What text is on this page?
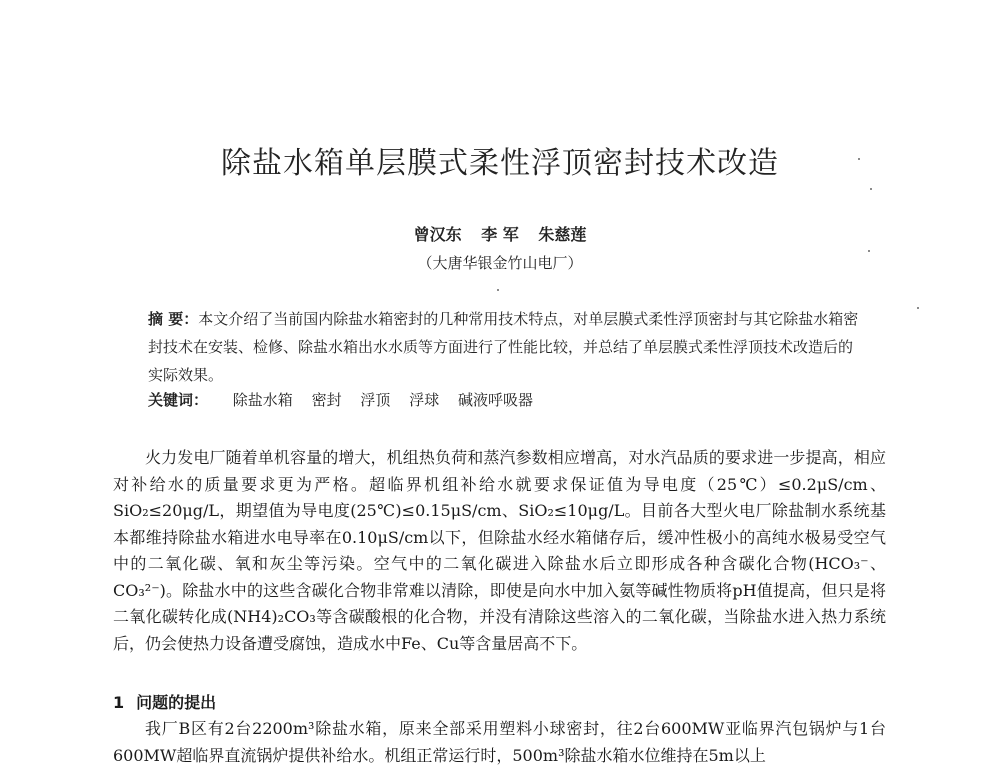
除盐水箱单层膜式柔性浮顶密封技术改造
曾汉东 李 军 朱慈莲
（大唐华银金竹山电厂）
摘 要：本文介绍了当前国内除盐水箱密封的几种常用技术特点，对单层膜式柔性浮顶密封与其它除盐水箱密封技术在安装、检修、除盐水箱出水水质等方面进行了性能比较，并总结了单层膜式柔性浮顶技术改造后的实际效果。
关键词： 除盐水箱 密封 浮顶 浮球 碱液呼吸器
火力发电厂随着单机容量的增大，机组热负荷和蒸汽参数相应增高，对水汽品质的要求进一步提高，相应对补给水的质量要求更为严格。超临界机组补给水就要求保证值为导电度（25℃）≤0.2μS/cm、SiO₂≤20μg/L，期望值为导电度(25℃)≤0.15μS/cm、SiO₂≤10μg/L。目前各大型火电厂除盐制水系统基本都维持除盐水箱进水电导率在0.10μS/cm以下，但除盐水经水箱储存后，缓冲性极小的高纯水极易受空气中的二氧化碳、氧和灰尘等污染。空气中的二氧化碳进入除盐水后立即形成各种含碳化合物(HCO₃⁻、CO₃²⁻)。除盐水中的这些含碳化合物非常难以清除，即使是向水中加入氨等碱性物质将pH值提高，但只是将二氧化碳转化成(NH4)₂CO₃等含碳酸根的化合物，并没有清除这些溶入的二氧化碳，当除盐水进入热力系统后，仍会使热力设备遭受腐蚀，造成水中Fe、Cu等含量居高不下。
1 问题的提出
我厂B区有2台2200m³除盐水箱，原来全部采用塑料小球密封，往2台600MW亚临界汽包锅炉与1台600MW超临界直流锅炉提供补给水。机组正常运行时，500m³除盐水箱水位维持在5m以上
